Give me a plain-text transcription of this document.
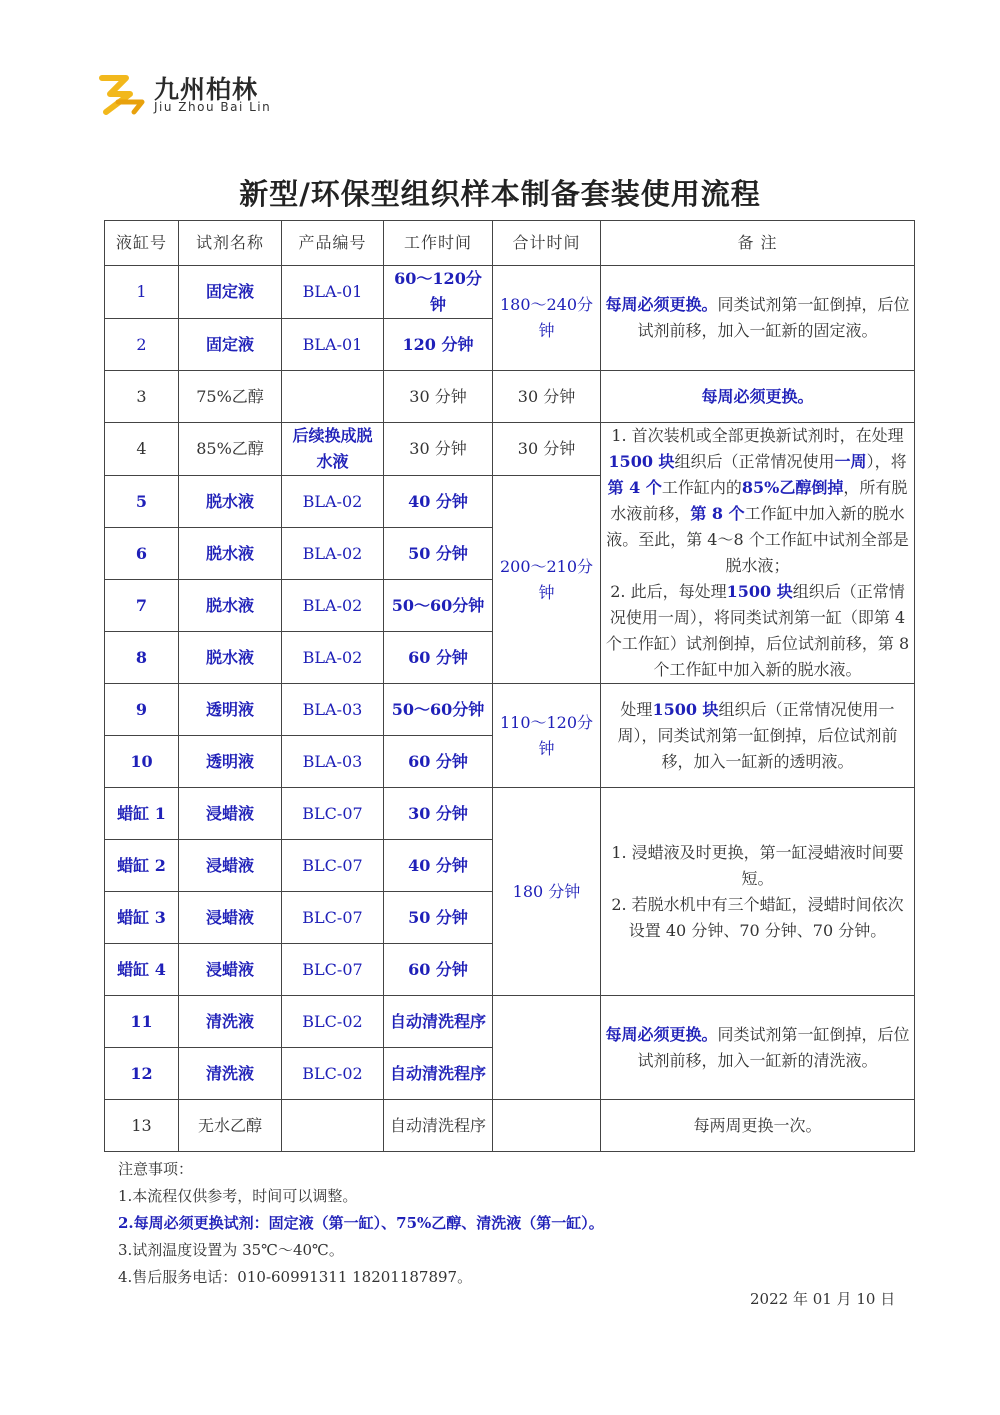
九州柏林
Jiu Zhou Bai Lin
新型/环保型组织样本制备套装使用流程
液缸号	试剂名称	产品编号	工作时间	合计时间	备 注
1	固定液	BLA-01	60～120分钟	180～240分钟	每周必须更换。同类试剂第一缸倒掉，后位试剂前移，加入一缸新的固定液。
2	固定液	BLA-01	120 分钟		
3	75%乙醇		30 分钟	30 分钟	每周必须更换。
4	85%乙醇	后续换成脱水液	30 分钟	30 分钟	1. 首次装机或全部更换新试剂时，在处理1500 块组织后（正常情况使用一周），将第 4 个工作缸内的85%乙醇倒掉，所有脱水液前移，第 8 个工作缸中加入新的脱水液。至此，第 4～8 个工作缸中试剂全部是脱水液；
2. 此后，每处理1500 块组织后（正常情况使用一周），将同类试剂第一缸（即第 4 个工作缸）试剂倒掉，后位试剂前移，第 8 个工作缸中加入新的脱水液。
5	脱水液	BLA-02	40 分钟	200～210分钟	
6	脱水液	BLA-02	50 分钟		
7	脱水液	BLA-02	50～60分钟		
8	脱水液	BLA-02	60 分钟		
9	透明液	BLA-03	50～60分钟	110～120分钟	处理1500 块组织后（正常情况使用一周），同类试剂第一缸倒掉，后位试剂前移，加入一缸新的透明液。
10	透明液	BLA-03	60 分钟		
蜡缸 1	浸蜡液	BLC-07	30 分钟	180 分钟	1. 浸蜡液及时更换，第一缸浸蜡液时间要短。
2. 若脱水机中有三个蜡缸，浸蜡时间依次设置 40 分钟、70 分钟、70 分钟。
蜡缸 2	浸蜡液	BLC-07	40 分钟		
蜡缸 3	浸蜡液	BLC-07	50 分钟		
蜡缸 4	浸蜡液	BLC-07	60 分钟		
11	清洗液	BLC-02	自动清洗程序		每周必须更换。同类试剂第一缸倒掉，后位试剂前移，加入一缸新的清洗液。
12	清洗液	BLC-02	自动清洗程序		
13	无水乙醇		自动清洗程序		每两周更换一次。
注意事项：
1.本流程仅供参考，时间可以调整。
2.每周必须更换试剂：固定液（第一缸）、75%乙醇、清洗液（第一缸）。
3.试剂温度设置为 35℃～40℃。
4.售后服务电话：010-60991311 18201187897。
2022 年 01 月 10 日
